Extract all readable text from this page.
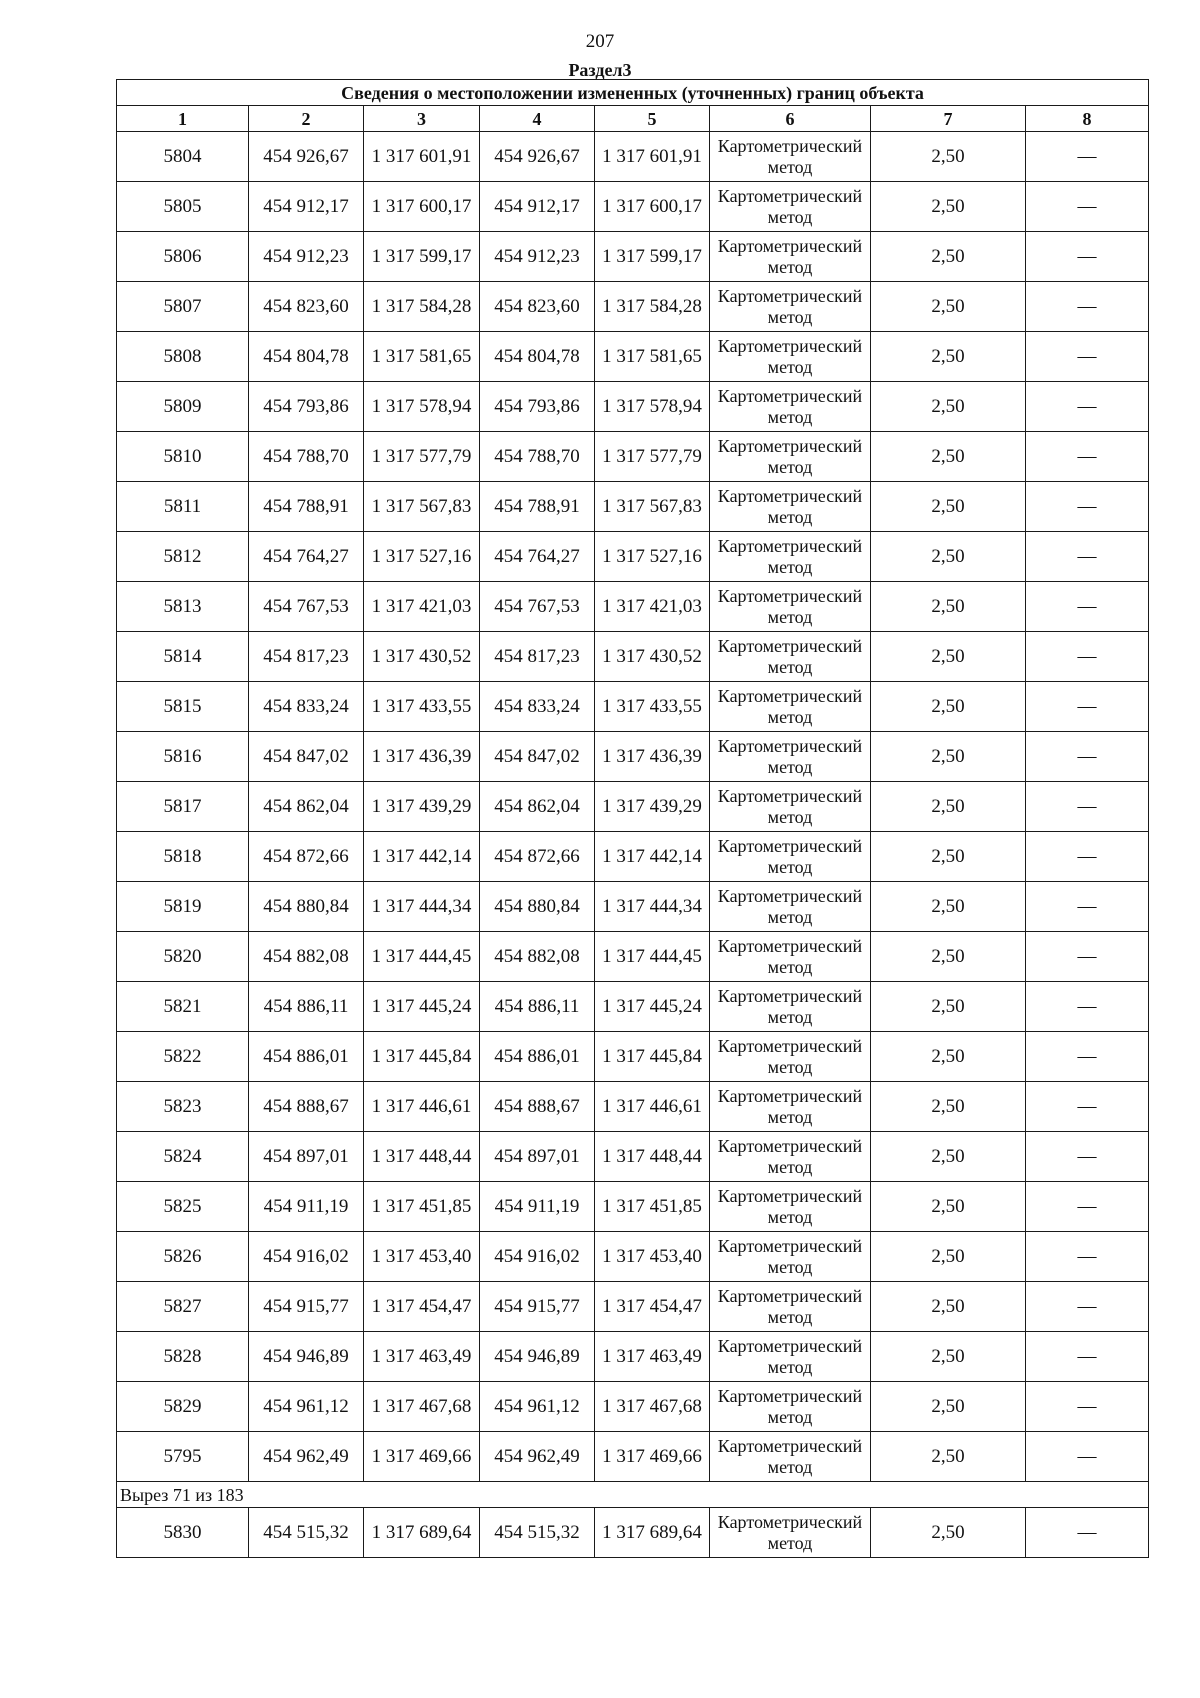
207
Раздел3
Сведения о местоположении измененных (уточненных) границ объекта							
1	2	3	4	5	6	7	8
5804	454 926,67	1 317 601,91	454 926,67	1 317 601,91	Картометрический метод	2,50	—
5805	454 912,17	1 317 600,17	454 912,17	1 317 600,17	Картометрический метод	2,50	—
5806	454 912,23	1 317 599,17	454 912,23	1 317 599,17	Картометрический метод	2,50	—
5807	454 823,60	1 317 584,28	454 823,60	1 317 584,28	Картометрический метод	2,50	—
5808	454 804,78	1 317 581,65	454 804,78	1 317 581,65	Картометрический метод	2,50	—
5809	454 793,86	1 317 578,94	454 793,86	1 317 578,94	Картометрический метод	2,50	—
5810	454 788,70	1 317 577,79	454 788,70	1 317 577,79	Картометрический метод	2,50	—
5811	454 788,91	1 317 567,83	454 788,91	1 317 567,83	Картометрический метод	2,50	—
5812	454 764,27	1 317 527,16	454 764,27	1 317 527,16	Картометрический метод	2,50	—
5813	454 767,53	1 317 421,03	454 767,53	1 317 421,03	Картометрический метод	2,50	—
5814	454 817,23	1 317 430,52	454 817,23	1 317 430,52	Картометрический метод	2,50	—
5815	454 833,24	1 317 433,55	454 833,24	1 317 433,55	Картометрический метод	2,50	—
5816	454 847,02	1 317 436,39	454 847,02	1 317 436,39	Картометрический метод	2,50	—
5817	454 862,04	1 317 439,29	454 862,04	1 317 439,29	Картометрический метод	2,50	—
5818	454 872,66	1 317 442,14	454 872,66	1 317 442,14	Картометрический метод	2,50	—
5819	454 880,84	1 317 444,34	454 880,84	1 317 444,34	Картометрический метод	2,50	—
5820	454 882,08	1 317 444,45	454 882,08	1 317 444,45	Картометрический метод	2,50	—
5821	454 886,11	1 317 445,24	454 886,11	1 317 445,24	Картометрический метод	2,50	—
5822	454 886,01	1 317 445,84	454 886,01	1 317 445,84	Картометрический метод	2,50	—
5823	454 888,67	1 317 446,61	454 888,67	1 317 446,61	Картометрический метод	2,50	—
5824	454 897,01	1 317 448,44	454 897,01	1 317 448,44	Картометрический метод	2,50	—
5825	454 911,19	1 317 451,85	454 911,19	1 317 451,85	Картометрический метод	2,50	—
5826	454 916,02	1 317 453,40	454 916,02	1 317 453,40	Картометрический метод	2,50	—
5827	454 915,77	1 317 454,47	454 915,77	1 317 454,47	Картометрический метод	2,50	—
5828	454 946,89	1 317 463,49	454 946,89	1 317 463,49	Картометрический метод	2,50	—
5829	454 961,12	1 317 467,68	454 961,12	1 317 467,68	Картометрический метод	2,50	—
5795	454 962,49	1 317 469,66	454 962,49	1 317 469,66	Картометрический метод	2,50	—
Вырез 71 из 183							
5830	454 515,32	1 317 689,64	454 515,32	1 317 689,64	Картометрический метод	2,50	—
